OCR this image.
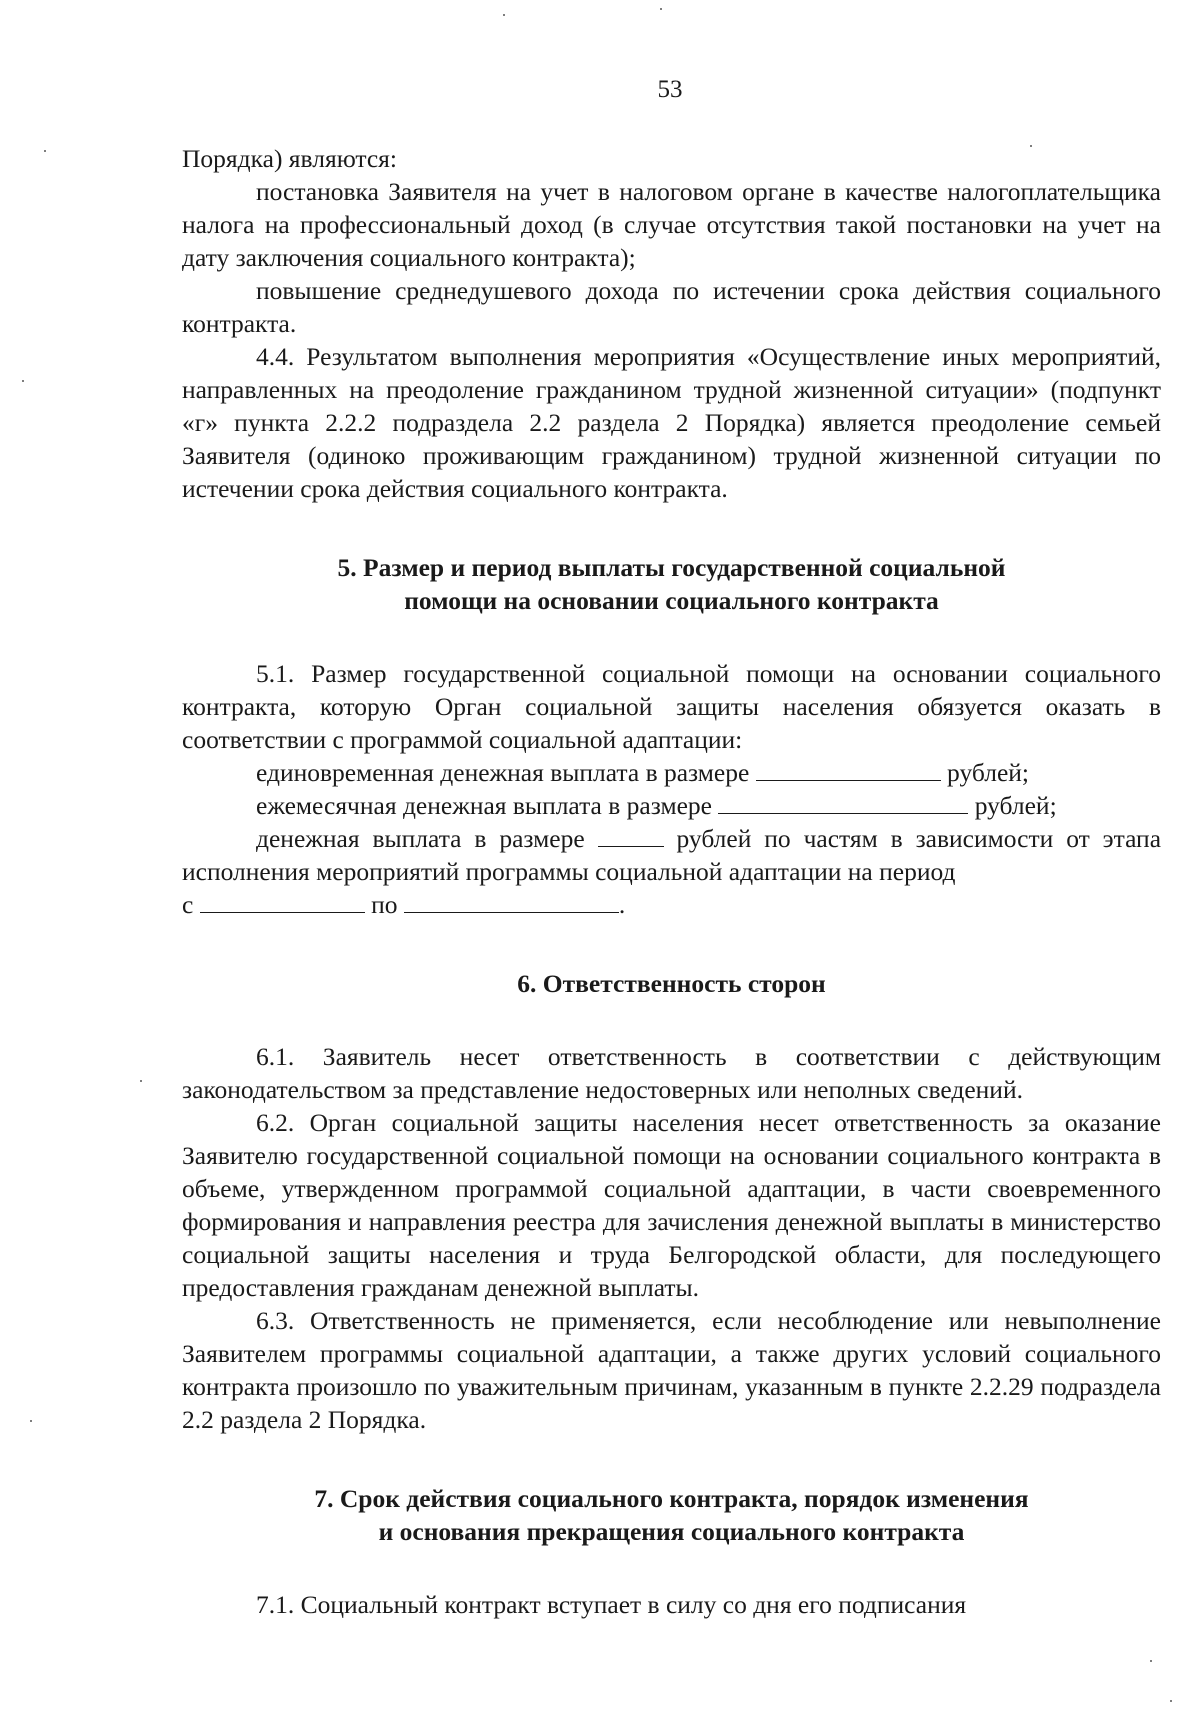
53

Порядка) являются:

постановка Заявителя на учет в налоговом органе в качестве налогоплательщика налога на профессиональный доход (в случае отсутствия такой постановки на учет на дату заключения социального контракта);

повышение среднедушевого дохода по истечении срока действия социального контракта.

4.4. Результатом выполнения мероприятия «Осуществление иных мероприятий, направленных на преодоление гражданином трудной жизненной ситуации» (подпункт «г» пункта 2.2.2 подраздела 2.2 раздела 2 Порядка) является преодоление семьей Заявителя (одиноко проживающим гражданином) трудной жизненной ситуации по истечении срока действия социального контракта.

5. Размер и период выплаты государственной социальной

помощи на основании социального контракта

5.1. Размер государственной социальной помощи на основании социального контракта, которую Орган социальной защиты населения обязуется оказать в соответствии с программой социальной адаптации:

единовременная денежная выплата в размере	рублей;

ежемесячная денежная выплата в размере	рублей;

денежная выплата в размере	рублей по частям в зависимости от этапа исполнения мероприятий программы социальной адаптации на период

с	по	.

6. Ответственность сторон

6.1. Заявитель несет ответственность в соответствии с действующим законодательством за представление недостоверных или неполных сведений.

6.2. Орган социальной защиты населения несет ответственность за оказание Заявителю государственной социальной помощи на основании социального контракта в объеме, утвержденном программой социальной адаптации, в части своевременного формирования и направления реестра для зачисления денежной выплаты в министерство социальной защиты населения и труда Белгородской области, для последующего предоставления гражданам денежной выплаты.

6.3. Ответственность не применяется, если несоблюдение или невыполнение Заявителем программы социальной адаптации, а также других условий социального контракта произошло по уважительным причинам, указанным в пункте 2.2.29 подраздела 2.2 раздела 2 Порядка.

7. Срок действия социального контракта, порядок изменения

и основания прекращения социального контракта

7.1. Социальный контракт вступает в силу со дня его подписания
